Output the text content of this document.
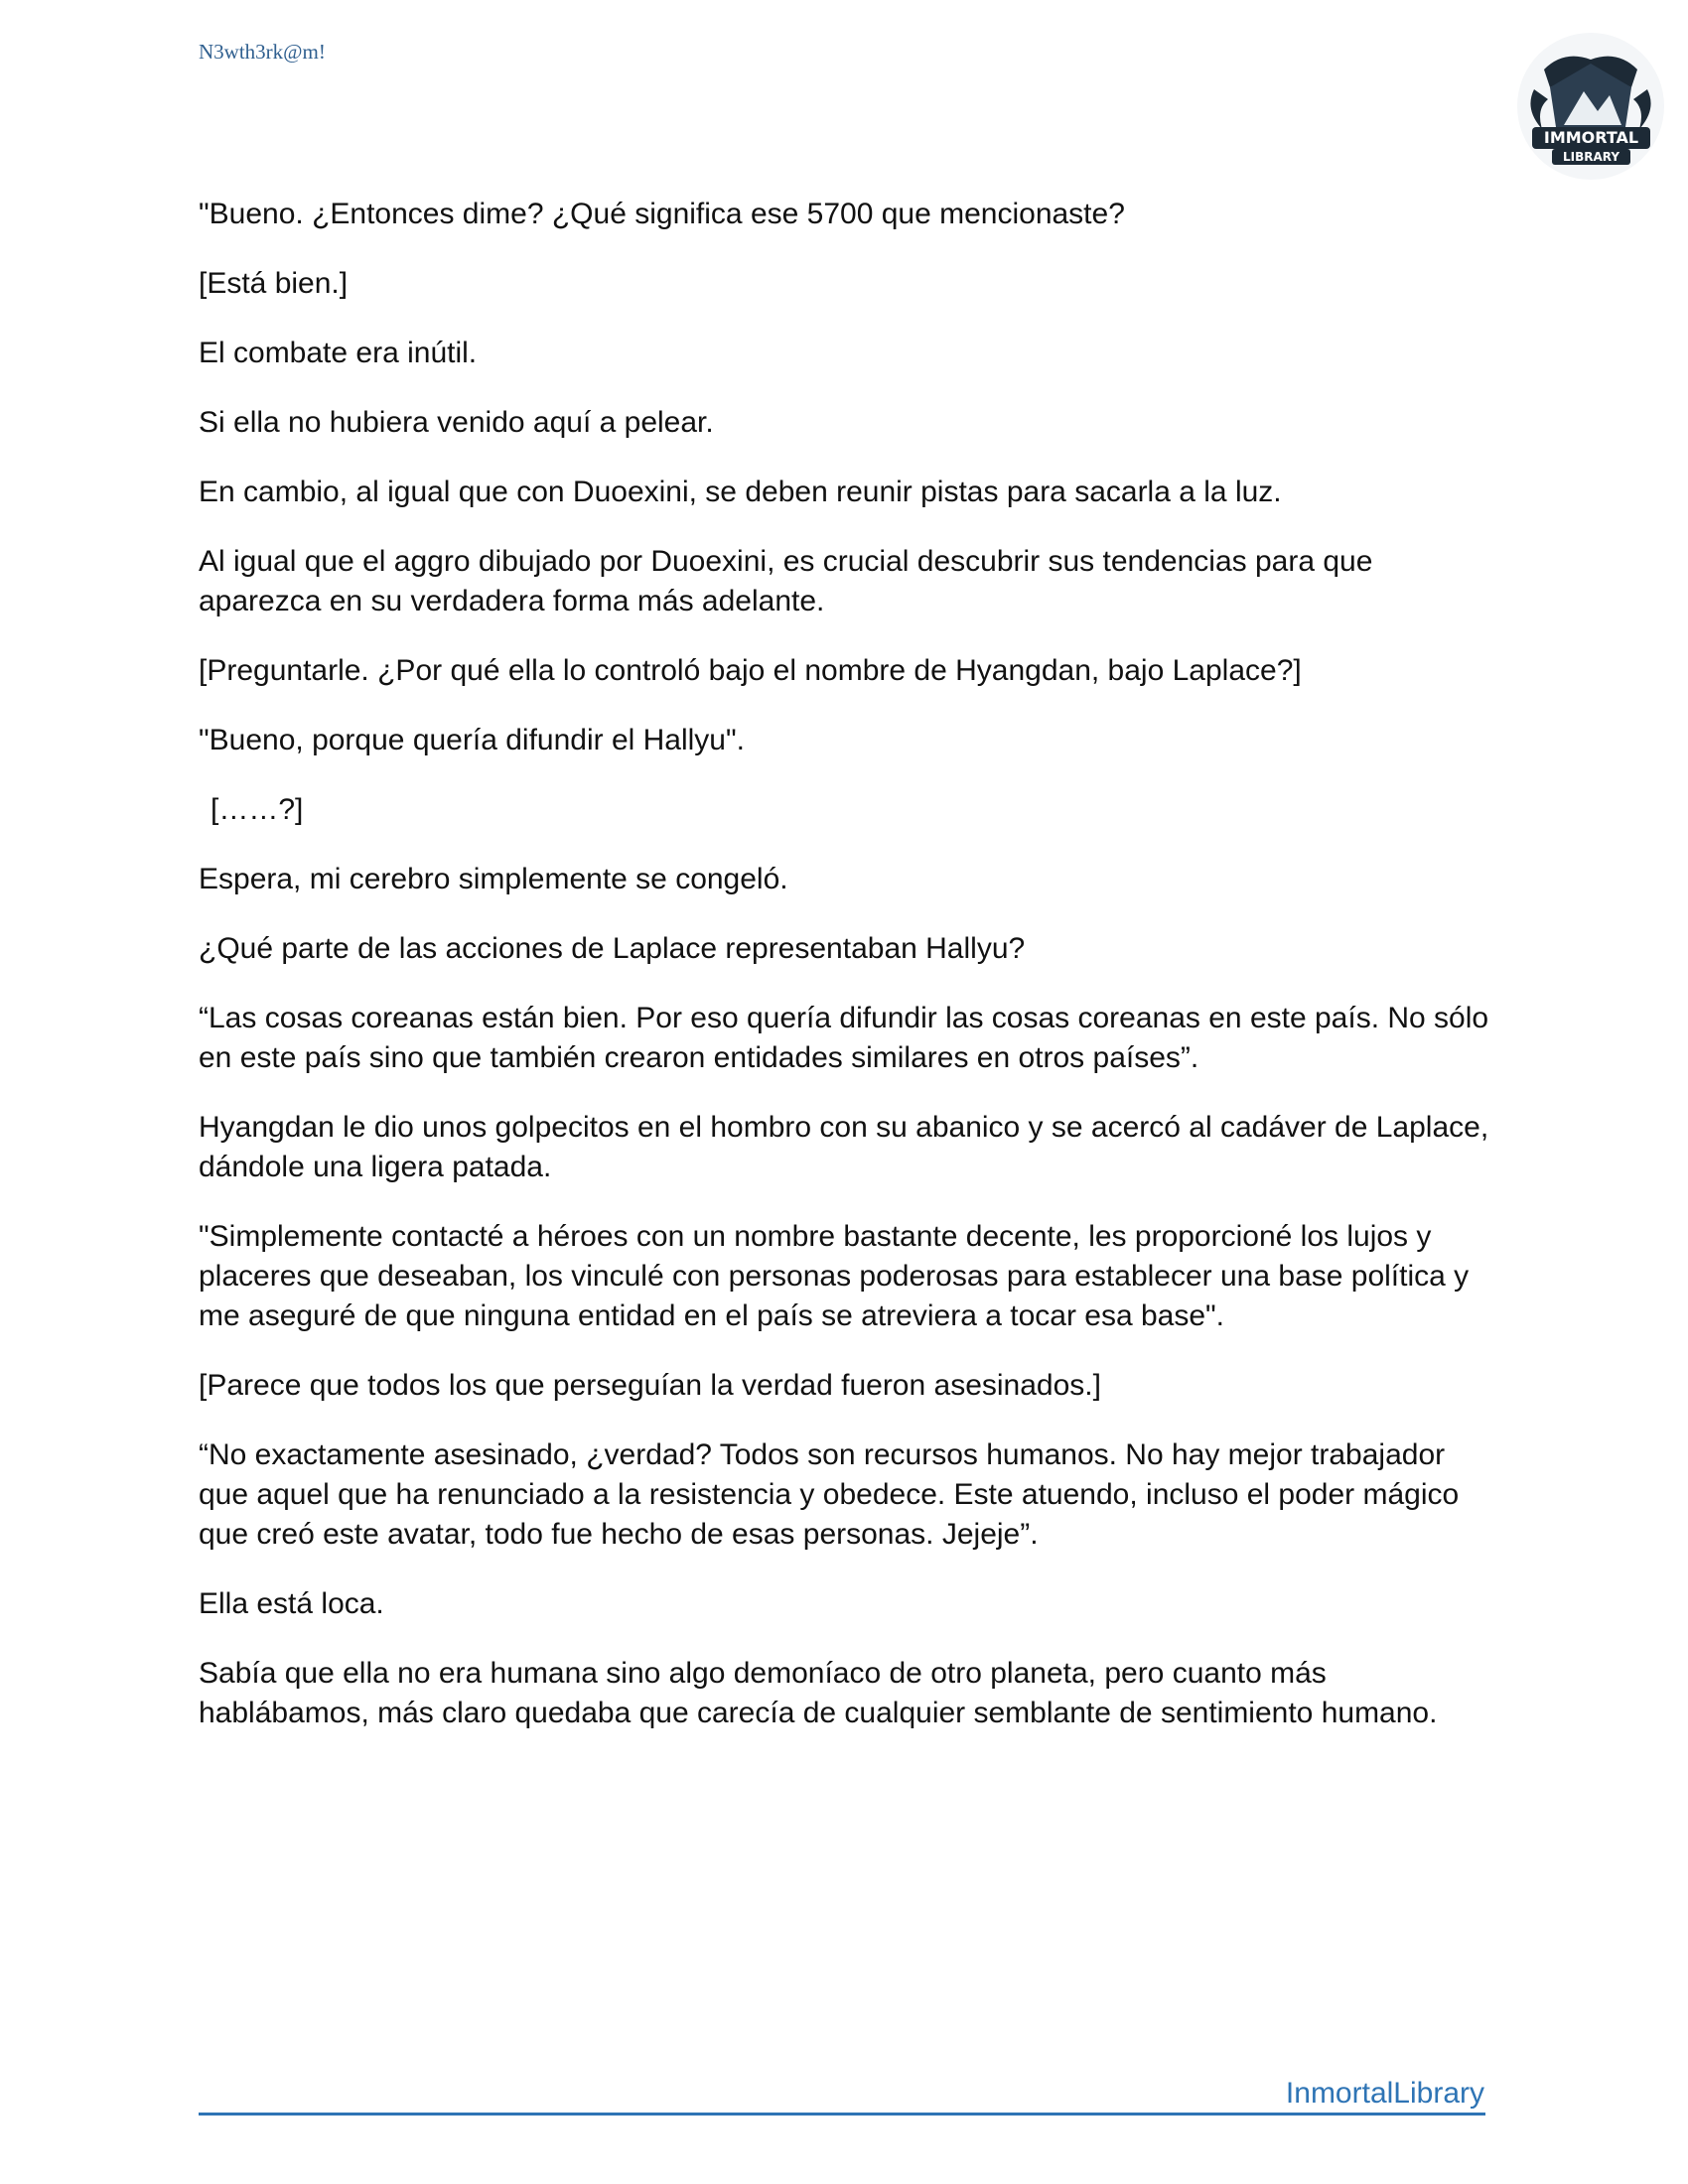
N3wth3rk@m!
IMMORTAL
LIBRARY

"Bueno. ¿Entonces dime? ¿Qué significa ese 5700 que mencionaste?

[Está bien.]

El combate era inútil.

Si ella no hubiera venido aquí a pelear.

En cambio, al igual que con Duoexini, se deben reunir pistas para sacarla a la luz.

Al igual que el aggro dibujado por Duoexini, es crucial descubrir sus tendencias para que aparezca en su verdadera forma más adelante.

[Preguntarle. ¿Por qué ella lo controló bajo el nombre de Hyangdan, bajo Laplace?]

"Bueno, porque quería difundir el Hallyu".

[……?]

Espera, mi cerebro simplemente se congeló.

¿Qué parte de las acciones de Laplace representaban Hallyu?

“Las cosas coreanas están bien. Por eso quería difundir las cosas coreanas en este país. No sólo en este país sino que también crearon entidades similares en otros países”.

Hyangdan le dio unos golpecitos en el hombro con su abanico y se acercó al cadáver de Laplace, dándole una ligera patada.

"Simplemente contacté a héroes con un nombre bastante decente, les proporcioné los lujos y placeres que deseaban, los vinculé con personas poderosas para establecer una base política y me aseguré de que ninguna entidad en el país se atreviera a tocar esa base".

[Parece que todos los que perseguían la verdad fueron asesinados.]

“No exactamente asesinado, ¿verdad? Todos son recursos humanos. No hay mejor trabajador que aquel que ha renunciado a la resistencia y obedece. Este atuendo, incluso el poder mágico que creó este avatar, todo fue hecho de esas personas. Jejeje”.

Ella está loca.

Sabía que ella no era humana sino algo demoníaco de otro planeta, pero cuanto más hablábamos, más claro quedaba que carecía de cualquier semblante de sentimiento humano.

InmortalLibrary
